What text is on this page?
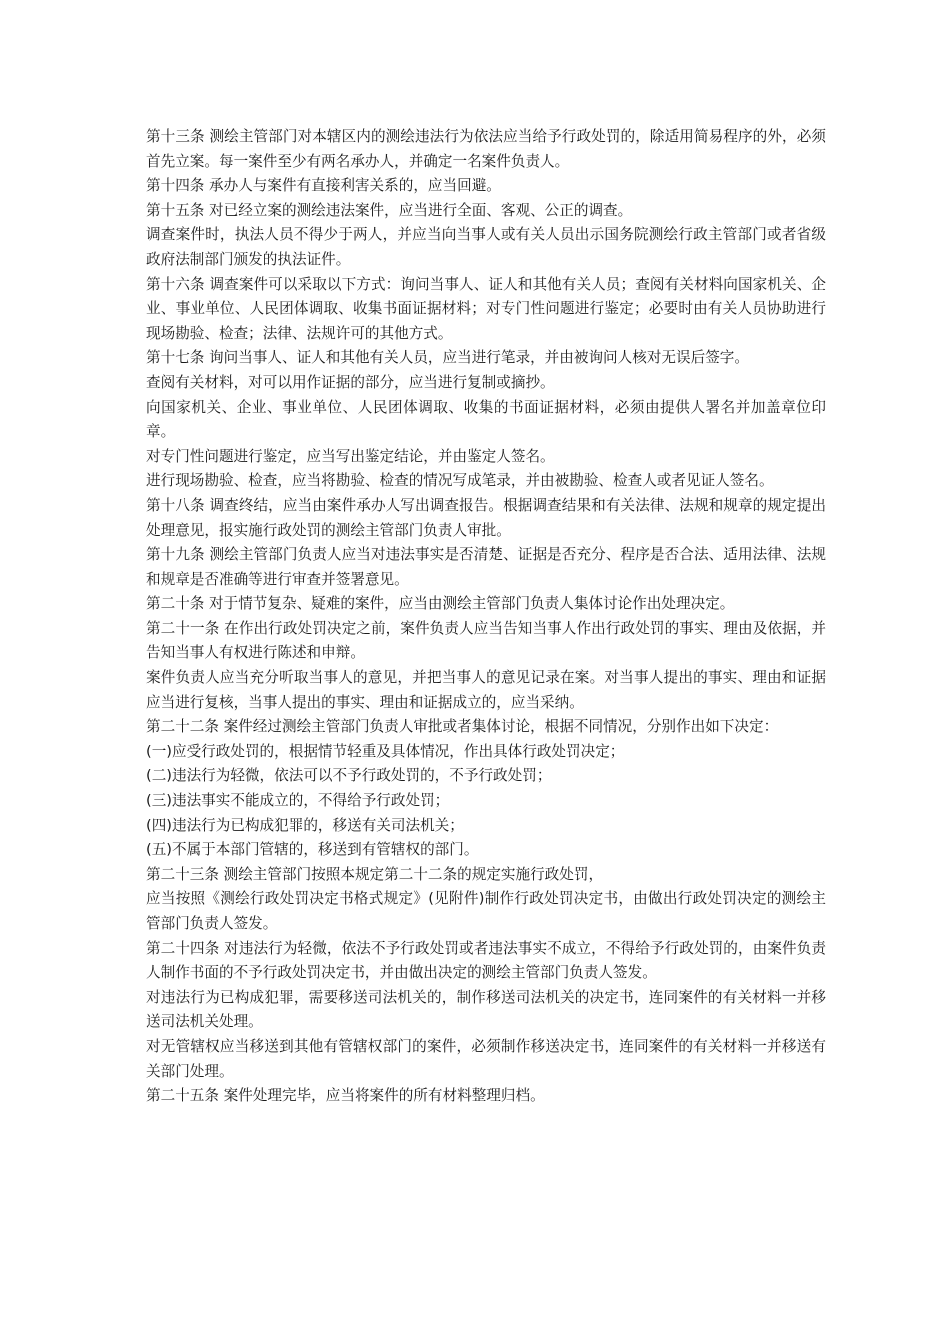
第十三条 测绘主管部门对本辖区内的测绘违法行为依法应当给予行政处罚的，除适用简易程序的外，必须首先立案。每一案件至少有两名承办人，并确定一名案件负责人。

第十四条 承办人与案件有直接利害关系的，应当回避。

第十五条 对已经立案的测绘违法案件，应当进行全面、客观、公正的调查。

调查案件时，执法人员不得少于两人，并应当向当事人或有关人员出示国务院测绘行政主管部门或者省级政府法制部门颁发的执法证件。

第十六条 调查案件可以采取以下方式：询问当事人、证人和其他有关人员；查阅有关材料向国家机关、企业、事业单位、人民团体调取、收集书面证据材料；对专门性问题进行鉴定；必要时由有关人员协助进行现场勘验、检查；法律、法规许可的其他方式。

第十七条 询问当事人、证人和其他有关人员，应当进行笔录，并由被询问人核对无误后签字。

查阅有关材料，对可以用作证据的部分，应当进行复制或摘抄。

向国家机关、企业、事业单位、人民团体调取、收集的书面证据材料，必须由提供人署名并加盖章位印章。

对专门性问题进行鉴定，应当写出鉴定结论，并由鉴定人签名。

进行现场勘验、检查，应当将勘验、检查的情况写成笔录，并由被勘验、检查人或者见证人签名。

第十八条 调查终结，应当由案件承办人写出调查报告。根据调查结果和有关法律、法规和规章的规定提出处理意见，报实施行政处罚的测绘主管部门负责人审批。

第十九条 测绘主管部门负责人应当对违法事实是否清楚、证据是否充分、程序是否合法、适用法律、法规和规章是否准确等进行审查并签署意见。

第二十条 对于情节复杂、疑难的案件，应当由测绘主管部门负责人集体讨论作出处理决定。

第二十一条 在作出行政处罚决定之前，案件负责人应当告知当事人作出行政处罚的事实、理由及依据，并告知当事人有权进行陈述和申辩。

案件负责人应当充分听取当事人的意见，并把当事人的意见记录在案。对当事人提出的事实、理由和证据应当进行复核，当事人提出的事实、理由和证据成立的，应当采纳。

第二十二条 案件经过测绘主管部门负责人审批或者集体讨论，根据不同情况，分别作出如下决定：

(一)应受行政处罚的，根据情节轻重及具体情况，作出具体行政处罚决定；

(二)违法行为轻微，依法可以不予行政处罚的，不予行政处罚；

(三)违法事实不能成立的，不得给予行政处罚；

(四)违法行为已构成犯罪的，移送有关司法机关；

(五)不属于本部门管辖的，移送到有管辖权的部门。

第二十三条 测绘主管部门按照本规定第二十二条的规定实施行政处罚，

应当按照《测绘行政处罚决定书格式规定》(见附件)制作行政处罚决定书，由做出行政处罚决定的测绘主管部门负责人签发。

第二十四条 对违法行为轻微，依法不予行政处罚或者违法事实不成立，不得给予行政处罚的，由案件负责人制作书面的不予行政处罚决定书，并由做出决定的测绘主管部门负责人签发。

对违法行为已构成犯罪，需要移送司法机关的，制作移送司法机关的决定书，连同案件的有关材料一并移送司法机关处理。

对无管辖权应当移送到其他有管辖权部门的案件，必须制作移送决定书，连同案件的有关材料一并移送有关部门处理。

第二十五条 案件处理完毕，应当将案件的所有材料整理归档。
